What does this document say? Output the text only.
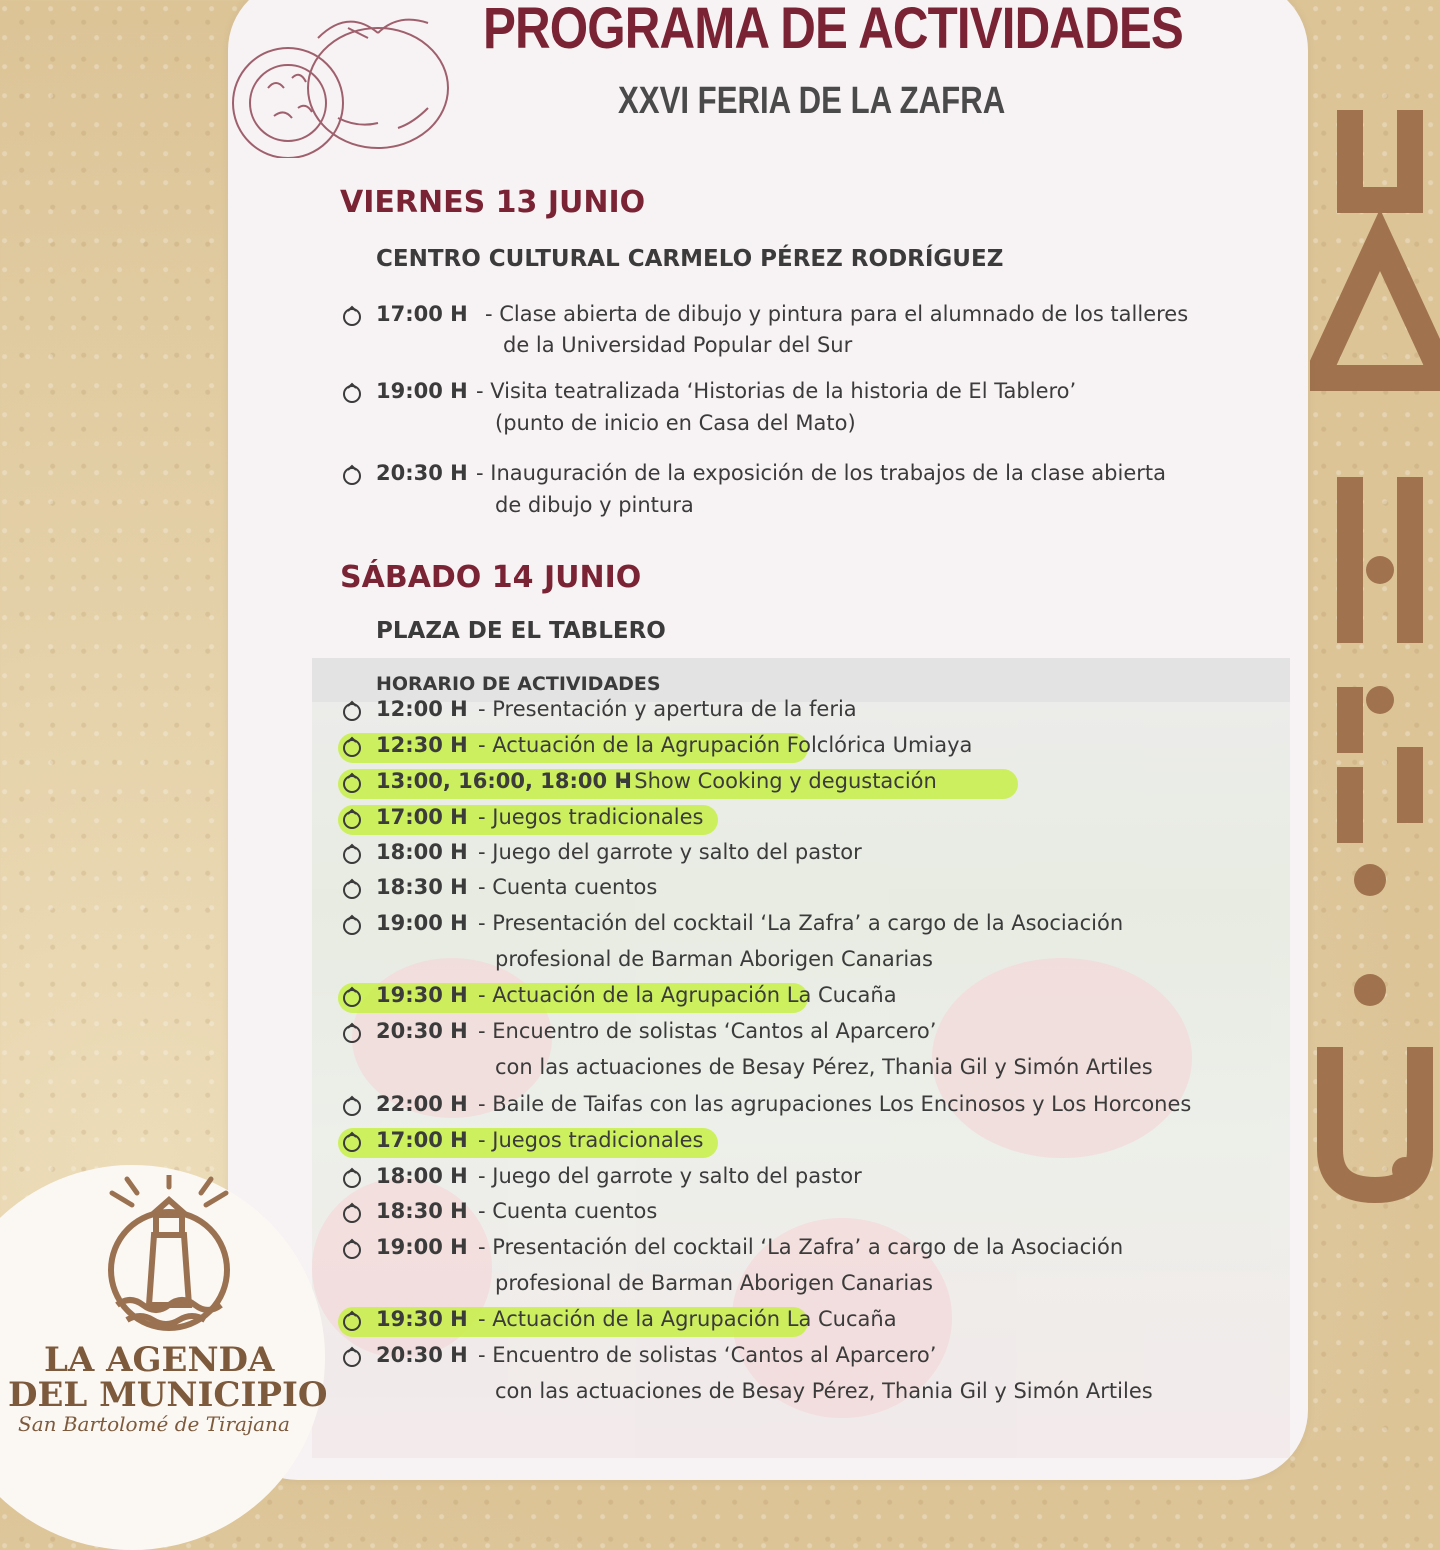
PROGRAMA DE ACTIVIDADES
XXVI FERIA DE LA ZAFRA
VIERNES 13 JUNIO
CENTRO CULTURAL CARMELO PÉREZ RODRÍGUEZ
17:00 H - Clase abierta de dibujo y pintura para el alumnado de los talleres
de la Universidad Popular del Sur
19:00 H - Visita teatralizada ‘Historias de la historia de El Tablero’
(punto de inicio en Casa del Mato)
20:30 H - Inauguración de la exposición de los trabajos de la clase abierta
de dibujo y pintura
SÁBADO 14 JUNIO
PLAZA DE EL TABLERO
HORARIO DE ACTIVIDADES
12:00 H - Presentación y apertura de la feria
12:30 H - Actuación de la Agrupación Folclórica Umiaya
13:00, 16:00, 18:00 H
- Show Cooking y degustación
17:00 H - Juegos tradicionales
18:00 H - Juego del garrote y salto del pastor
18:30 H - Cuenta cuentos
19:00 H - Presentación del cocktail ‘La Zafra’ a cargo de la Asociación
profesional de Barman Aborigen Canarias
19:30 H - Actuación de la Agrupación La Cucaña
20:30 H - Encuentro de solistas ‘Cantos al Aparcero’
con las actuaciones de Besay Pérez, Thania Gil y Simón Artiles
22:00 H - Baile de Taifas con las agrupaciones Los Encinosos y Los Horcones
17:00 H - Juegos tradicionales
18:00 H - Juego del garrote y salto del pastor
18:30 H - Cuenta cuentos
19:00 H - Presentación del cocktail ‘La Zafra’ a cargo de la Asociación
profesional de Barman Aborigen Canarias
19:30 H - Actuación de la Agrupación La Cucaña
20:30 H - Encuentro de solistas ‘Cantos al Aparcero’
con las actuaciones de Besay Pérez, Thania Gil y Simón Artiles
LA AGENDA
DEL MUNICIPIO
San Bartolomé de Tirajana
